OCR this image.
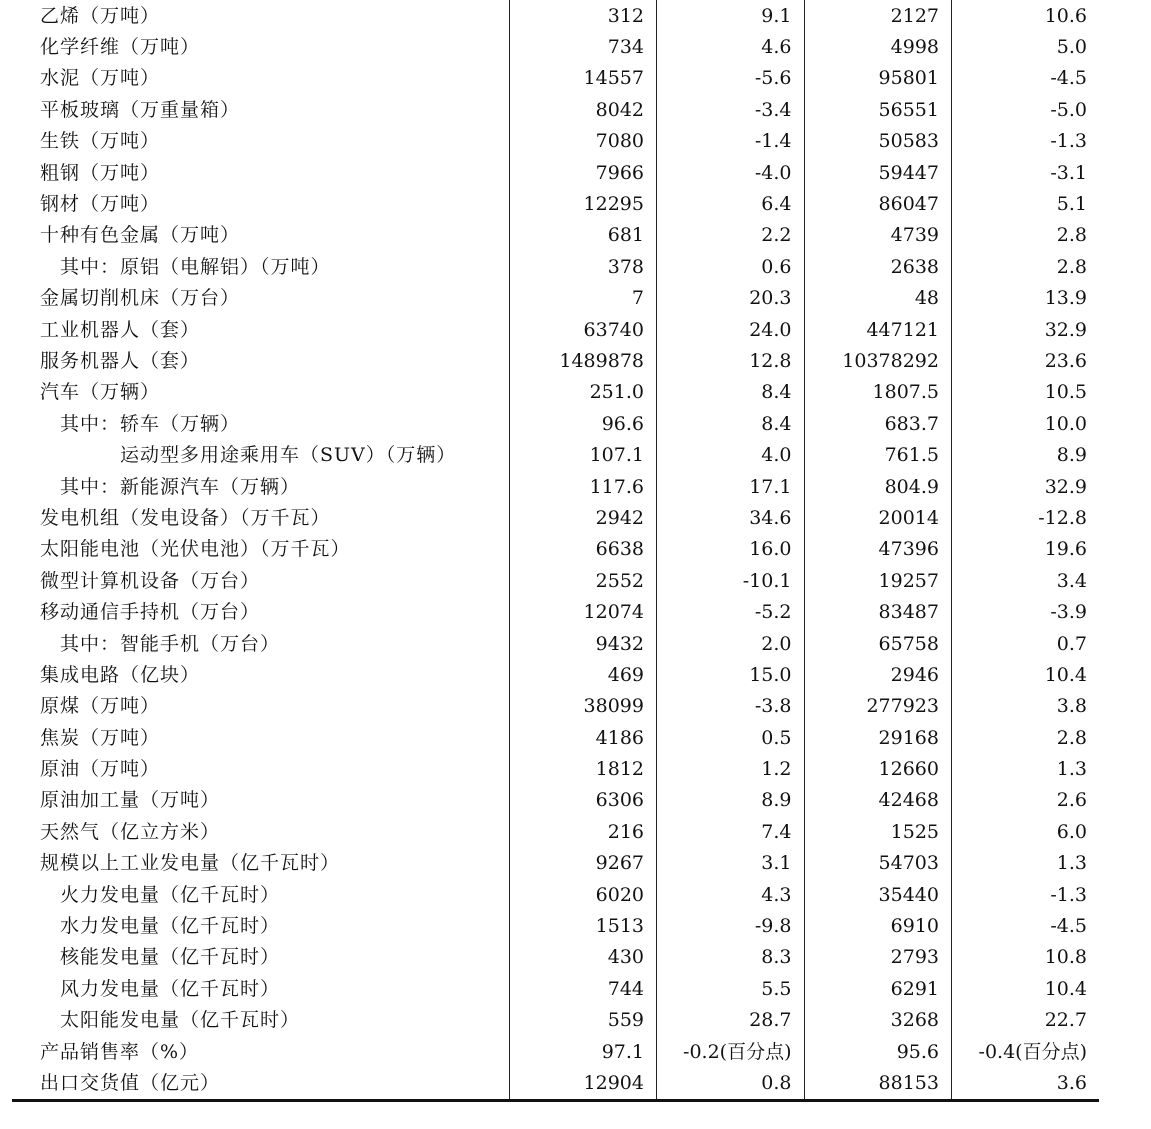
乙烯（万吨）	312	9.1	2127	10.6
化学纤维（万吨）	734	4.6	4998	5.0
水泥（万吨）	14557	-5.6	95801	-4.5
平板玻璃（万重量箱）	8042	-3.4	56551	-5.0
生铁（万吨）	7080	-1.4	50583	-1.3
粗钢（万吨）	7966	-4.0	59447	-3.1
钢材（万吨）	12295	6.4	86047	5.1
十种有色金属（万吨）	681	2.2	4739	2.8
其中：原铝（电解铝）（万吨）	378	0.6	2638	2.8
金属切削机床（万台）	7	20.3	48	13.9
工业机器人（套）	63740	24.0	447121	32.9
服务机器人（套）	1489878	12.8	10378292	23.6
汽车（万辆）	251.0	8.4	1807.5	10.5
其中：轿车（万辆）	96.6	8.4	683.7	10.0
运动型多用途乘用车（SUV）（万辆）	107.1	4.0	761.5	8.9
其中：新能源汽车（万辆）	117.6	17.1	804.9	32.9
发电机组（发电设备）（万千瓦）	2942	34.6	20014	-12.8
太阳能电池（光伏电池）（万千瓦）	6638	16.0	47396	19.6
微型计算机设备（万台）	2552	-10.1	19257	3.4
移动通信手持机（万台）	12074	-5.2	83487	-3.9
其中：智能手机（万台）	9432	2.0	65758	0.7
集成电路（亿块）	469	15.0	2946	10.4
原煤（万吨）	38099	-3.8	277923	3.8
焦炭（万吨）	4186	0.5	29168	2.8
原油（万吨）	1812	1.2	12660	1.3
原油加工量（万吨）	6306	8.9	42468	2.6
天然气（亿立方米）	216	7.4	1525	6.0
规模以上工业发电量（亿千瓦时）	9267	3.1	54703	1.3
火力发电量（亿千瓦时）	6020	4.3	35440	-1.3
水力发电量（亿千瓦时）	1513	-9.8	6910	-4.5
核能发电量（亿千瓦时）	430	8.3	2793	10.8
风力发电量（亿千瓦时）	744	5.5	6291	10.4
太阳能发电量（亿千瓦时）	559	28.7	3268	22.7
产品销售率（%）	97.1	-0.2(百分点)	95.6	-0.4(百分点)
出口交货值（亿元）	12904	0.8	88153	3.6
